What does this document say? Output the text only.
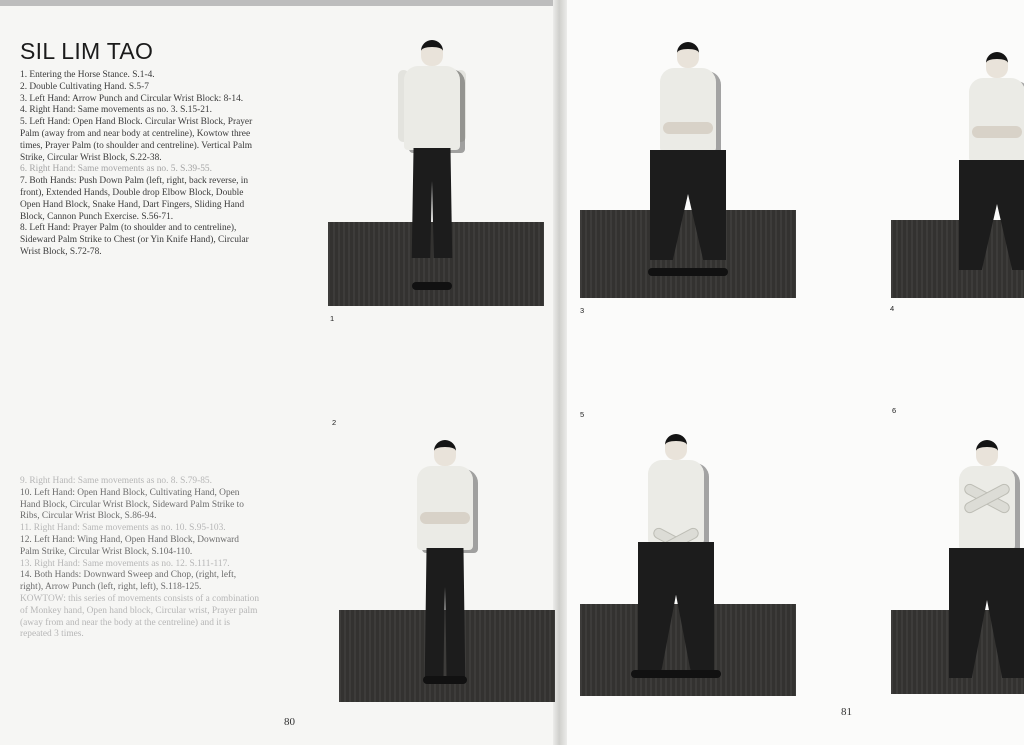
SIL LIM TAO
1. Entering the Horse Stance. S.1-4.
2. Double Cultivating Hand. S.5-7
3. Left Hand: Arrow Punch and Circular Wrist Block: 8-14.
4. Right Hand: Same movements as no. 3. S.15-21.
5. Left Hand: Open Hand Block. Circular Wrist Block, Prayer Palm (away from and near body at centreline), Kowtow three times, Prayer Palm (to shoulder and centreline). Vertical Palm Strike, Circular Wrist Block, S.22-38.
6. Right Hand: Same movements as no. 5. S.39-55.
7. Both Hands: Push Down Palm (left, right, back reverse, in front), Extended Hands, Double drop Elbow Block, Double Open Hand Block, Snake Hand, Dart Fingers, Sliding Hand Block, Cannon Punch Exercise. S.56-71.
8. Left Hand: Prayer Palm (to shoulder and to centreline), Sideward Palm Strike to Chest (or Yin Knife Hand), Circular Wrist Block, S.72-78.
9. Right Hand: Same movements as no. 8. S.79-85.
10. Left Hand: Open Hand Block, Cultivating Hand, Open Hand Block, Circular Wrist Block, Sideward Palm Strike to Ribs, Circular Wrist Block, S.86-94.
11. Right Hand: Same movements as no. 10. S.95-103.
12. Left Hand: Wing Hand, Open Hand Block, Downward Palm Strike, Circular Wrist Block, S.104-110.
13. Right Hand: Same movements as no. 12. S.111-117.
14. Both Hands: Downward Sweep and Chop, (right, left, right), Arrow Punch (left, right, left), S.118-125.
KOWTOW: this series of movements consists of a combination of Monkey hand, Open hand block, Circular wrist, Prayer palm (away from and near the body at the centreline) and it is repeated 3 times.
80
81
1
3	4
2
5	6
